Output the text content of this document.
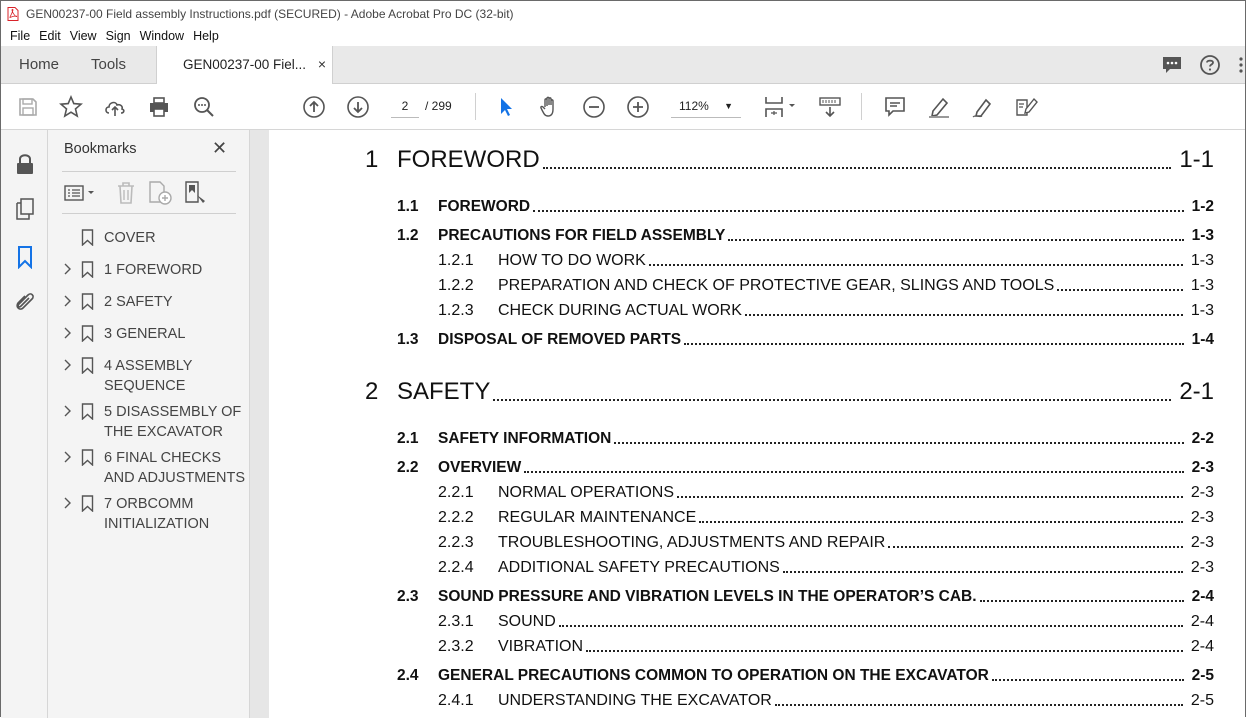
GEN00237-00 Field assembly Instructions.pdf (SECURED) - Adobe Acrobat Pro DC (32-bit)
File Edit View Sign Window Help
Home Tools	GEN00237-00 Fiel... ×
2	/ 299	112% ▼
Bookmarks	✕
COVER
1 FOREWORD
2 SAFETY
3 GENERAL
4 ASSEMBLY SEQUENCE
5 DISASSEMBLY OF THE EXCAVATOR
6 FINAL CHECKS AND ADJUSTMENTS
7 ORBCOMM INITIALIZATION
1 FOREWORD	1-1
1.1 FOREWORD	1-2
1.2 PRECAUTIONS FOR FIELD ASSEMBLY	1-3
1.2.1 HOW TO DO WORK	1-3
1.2.2 PREPARATION AND CHECK OF PROTECTIVE GEAR, SLINGS AND TOOLS	1-3
1.2.3 CHECK DURING ACTUAL WORK	1-3
1.3 DISPOSAL OF REMOVED PARTS	1-4
2 SAFETY	2-1
2.1 SAFETY INFORMATION	2-2
2.2 OVERVIEW	2-3
2.2.1 NORMAL OPERATIONS	2-3
2.2.2 REGULAR MAINTENANCE	2-3
2.2.3 TROUBLESHOOTING, ADJUSTMENTS AND REPAIR	2-3
2.2.4 ADDITIONAL SAFETY PRECAUTIONS	2-3
2.3 SOUND PRESSURE AND VIBRATION LEVELS IN THE OPERATOR’S CAB.	2-4
2.3.1 SOUND	2-4
2.3.2 VIBRATION	2-4
2.4 GENERAL PRECAUTIONS COMMON TO OPERATION ON THE EXCAVATOR	2-5
2.4.1 UNDERSTANDING THE EXCAVATOR	2-5
